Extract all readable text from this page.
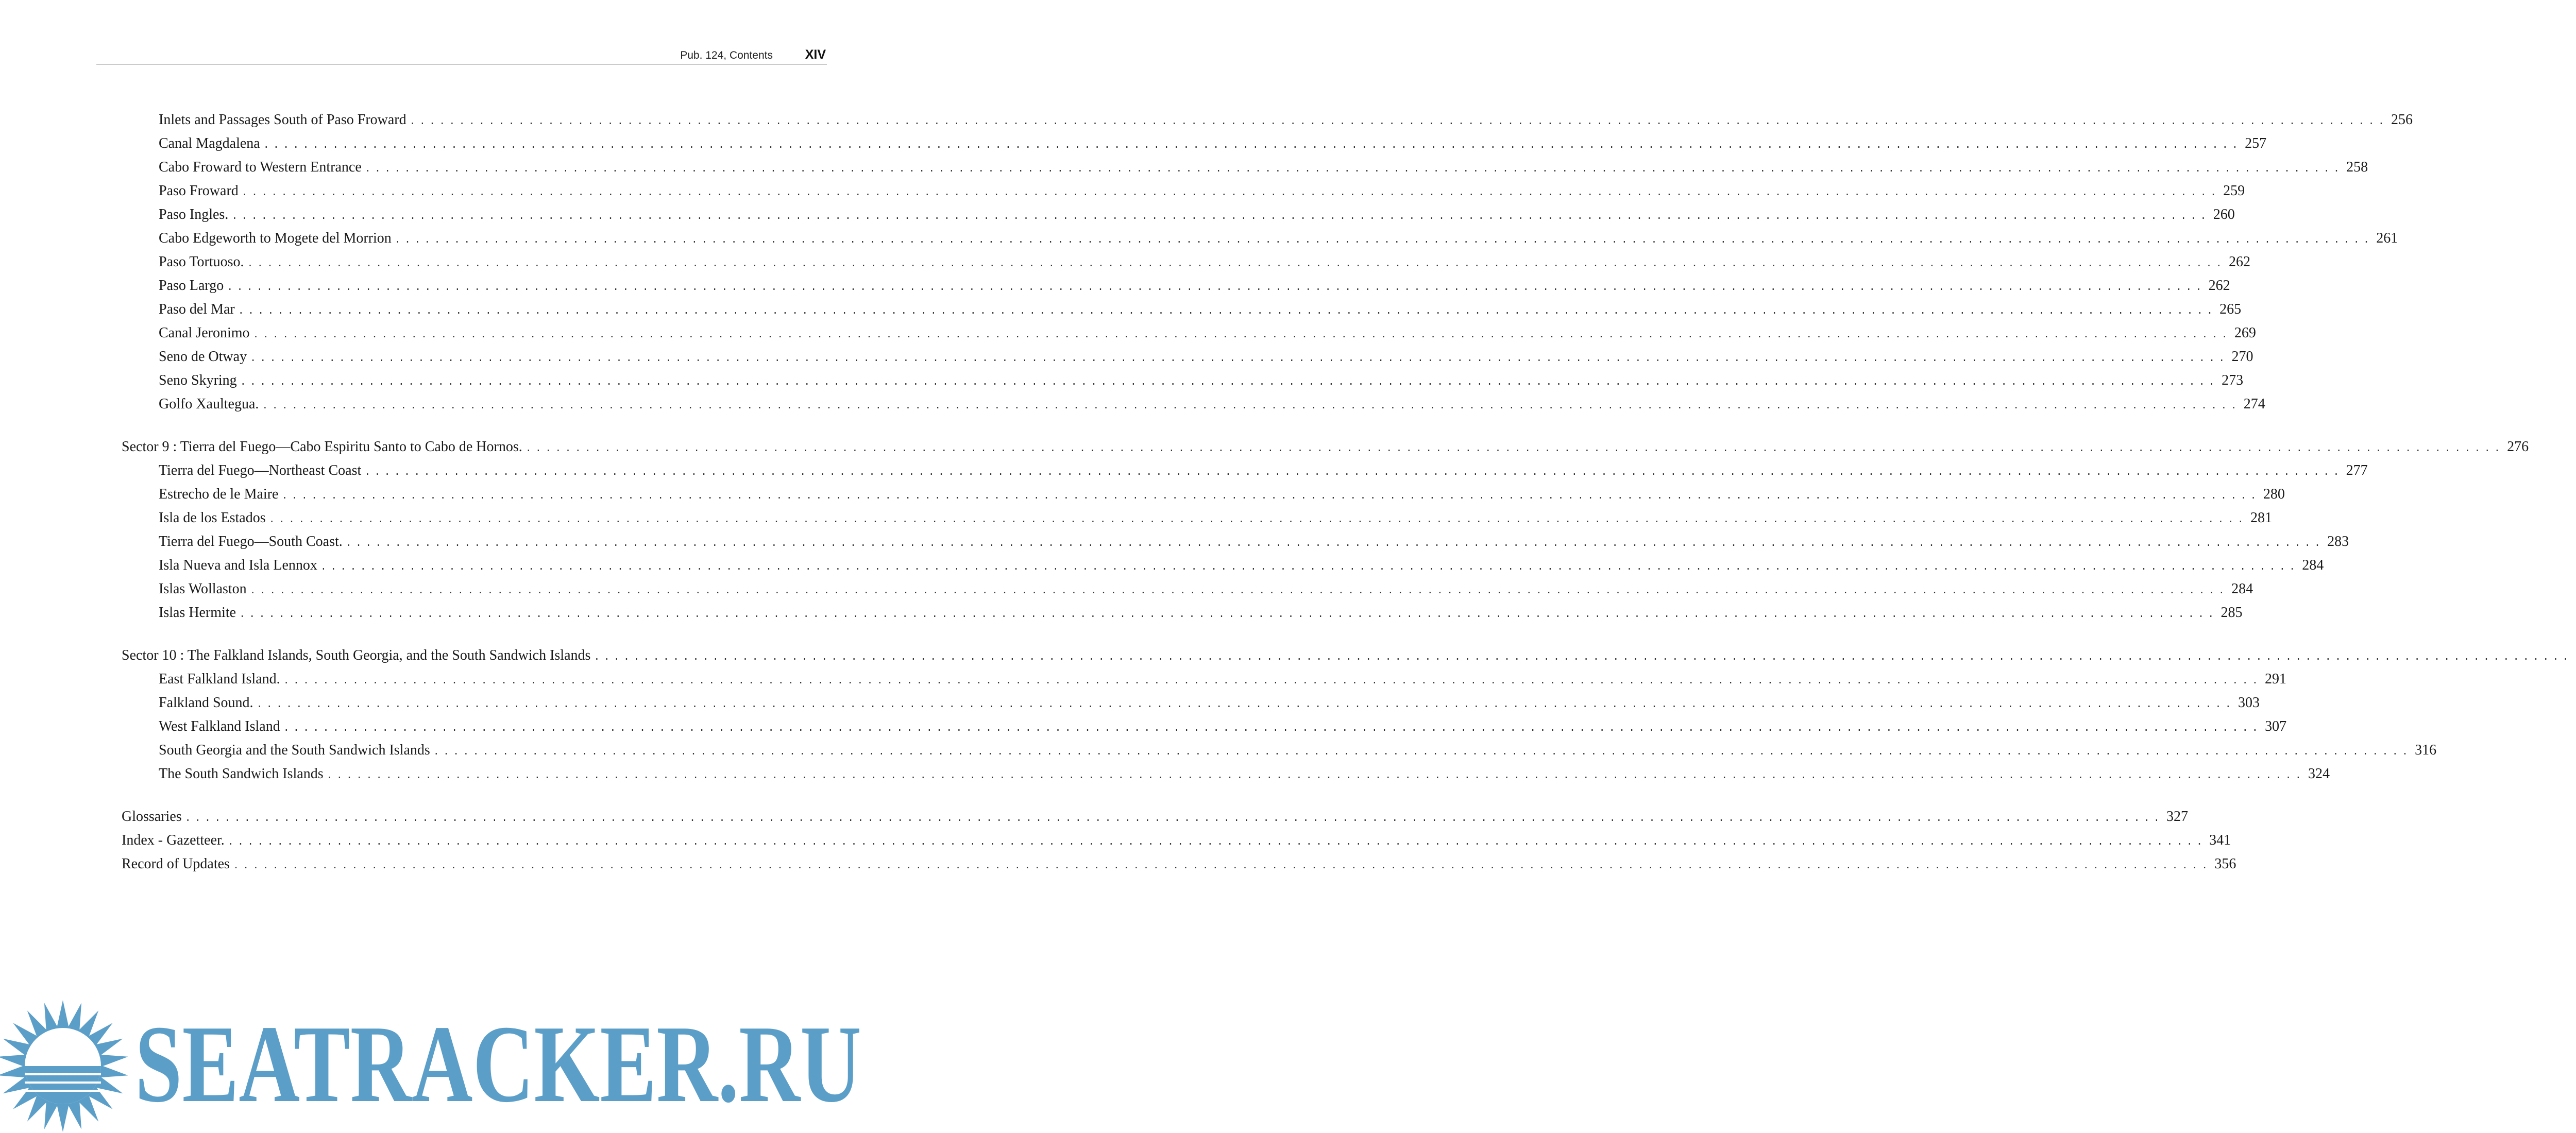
Pub. 124, Contents	XIV
Inlets and Passages South of Paso Froward ........................................................................................................................................................................................................ 256
Canal Magdalena ........................................................................................................................................................................................................ 257
Cabo Froward to Western Entrance ........................................................................................................................................................................................................ 258
Paso Froward ........................................................................................................................................................................................................ 259
Paso Ingles. ........................................................................................................................................................................................................ 260
Cabo Edgeworth to Mogete del Morrion ........................................................................................................................................................................................................ 261
Paso Tortuoso. ........................................................................................................................................................................................................ 262
Paso Largo ........................................................................................................................................................................................................ 262
Paso del Mar ........................................................................................................................................................................................................ 265
Canal Jeronimo ........................................................................................................................................................................................................ 269
Seno de Otway ........................................................................................................................................................................................................ 270
Seno Skyring ........................................................................................................................................................................................................ 273
Golfo Xaultegua. ........................................................................................................................................................................................................ 274
Sector 9 : Tierra del Fuego—Cabo Espiritu Santo to Cabo de Hornos. ........................................................................................................................................................................................................ 276
Tierra del Fuego—Northeast Coast ........................................................................................................................................................................................................ 277
Estrecho de le Maire ........................................................................................................................................................................................................ 280
Isla de los Estados ........................................................................................................................................................................................................ 281
Tierra del Fuego—South Coast. ........................................................................................................................................................................................................ 283
Isla Nueva and Isla Lennox ........................................................................................................................................................................................................ 284
Islas Wollaston ........................................................................................................................................................................................................ 284
Islas Hermite ........................................................................................................................................................................................................ 285
Sector 10 : The Falkland Islands, South Georgia, and the South Sandwich Islands ........................................................................................................................................................................................................
East Falkland Island. ........................................................................................................................................................................................................ 291
Falkland Sound. ........................................................................................................................................................................................................ 303
West Falkland Island ........................................................................................................................................................................................................ 307
South Georgia and the South Sandwich Islands ........................................................................................................................................................................................................ 316
The South Sandwich Islands ........................................................................................................................................................................................................ 324
Glossaries ........................................................................................................................................................................................................ 327
Index - Gazetteer. ........................................................................................................................................................................................................ 341
Record of Updates ........................................................................................................................................................................................................ 356
SEATRACKER.RU
